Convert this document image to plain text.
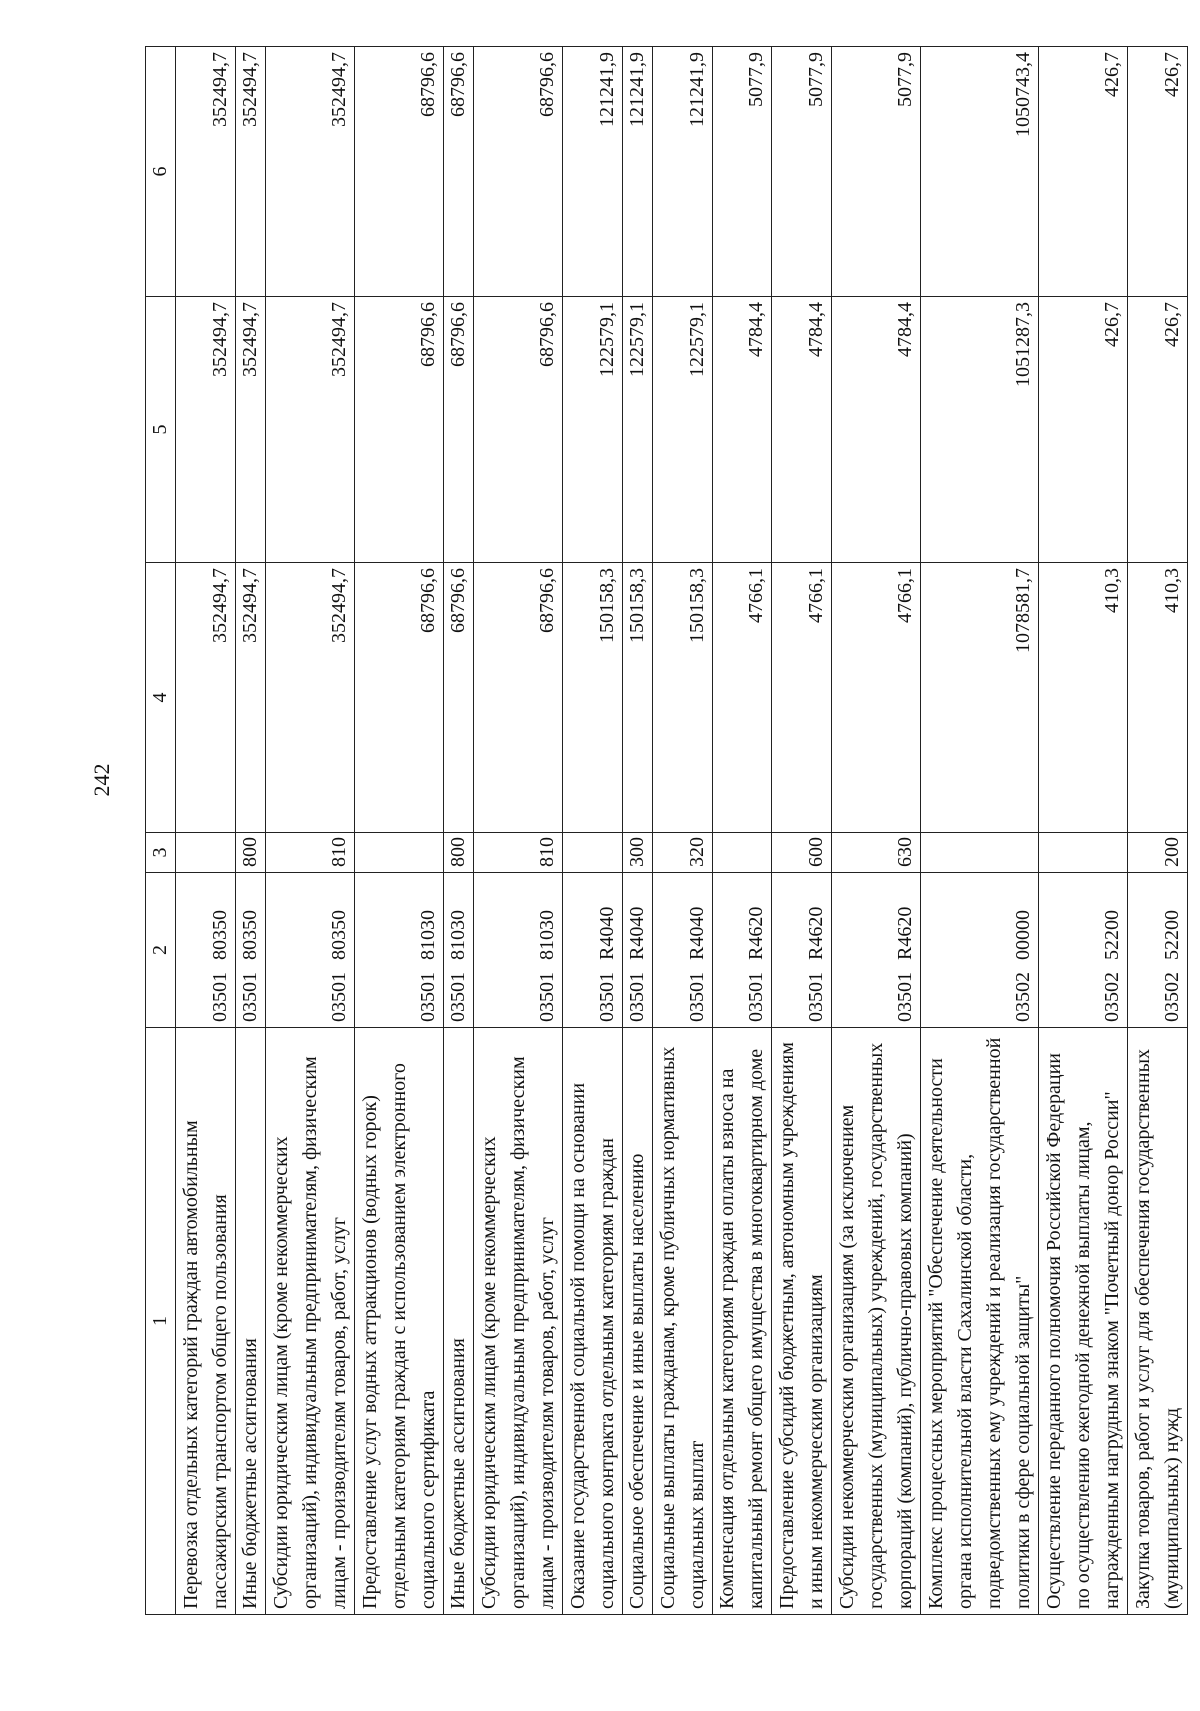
242
1	2	3	4	5	6
Перевозка отдельных категорий граждан автомобильным пассажирским транспортом общего пользования	0350180350		352494,7	352494,7	352494,7
Иные бюджетные ассигнования	0350180350	800	352494,7	352494,7	352494,7
Субсидии юридическим лицам (кроме некоммерческих организаций), индивидуальным предпринимателям, физическим лицам - производителям товаров, работ, услуг	0350180350	810	352494,7	352494,7	352494,7
Предоставление услуг водных аттракционов (водных горок) отдельным категориям граждан с использованием электронного социального сертификата	0350181030		68796,6	68796,6	68796,6
Иные бюджетные ассигнования	0350181030	800	68796,6	68796,6	68796,6
Субсидии юридическим лицам (кроме некоммерческих организаций), индивидуальным предпринимателям, физическим лицам - производителям товаров, работ, услуг	0350181030	810	68796,6	68796,6	68796,6
Оказание государственной социальной помощи на основании социального контракта отдельным категориям граждан	03501R4040		150158,3	122579,1	121241,9
Социальное обеспечение и иные выплаты населению	03501R4040	300	150158,3	122579,1	121241,9
Социальные выплаты гражданам, кроме публичных нормативных социальных выплат	03501R4040	320	150158,3	122579,1	121241,9
Компенсация отдельным категориям граждан оплаты взноса на капитальный ремонт общего имущества в многоквартирном доме	03501R4620		4766,1	4784,4	5077,9
Предоставление субсидий бюджетным, автономным учреждениям и иным некоммерческим организациям	03501R4620	600	4766,1	4784,4	5077,9
Субсидии некоммерческим организациям (за исключением государственных (муниципальных) учреждений, государственных корпораций (компаний), публично-правовых компаний)	03501R4620	630	4766,1	4784,4	5077,9
Комплекс процессных мероприятий "Обеспечение деятельности органа исполнительной власти Сахалинской области, подведомственных ему учреждений и реализация государственной политики в сфере социальной защиты"	0350200000		1078581,7	1051287,3	1050743,4
Осуществление переданного полномочия Российской Федерации по осуществлению ежегодной денежной выплаты лицам, награжденным нагрудным знаком "Почетный донор России"	0350252200		410,3	426,7	426,7
Закупка товаров, работ и услуг для обеспечения государственных (муниципальных) нужд	0350252200	200	410,3	426,7	426,7
